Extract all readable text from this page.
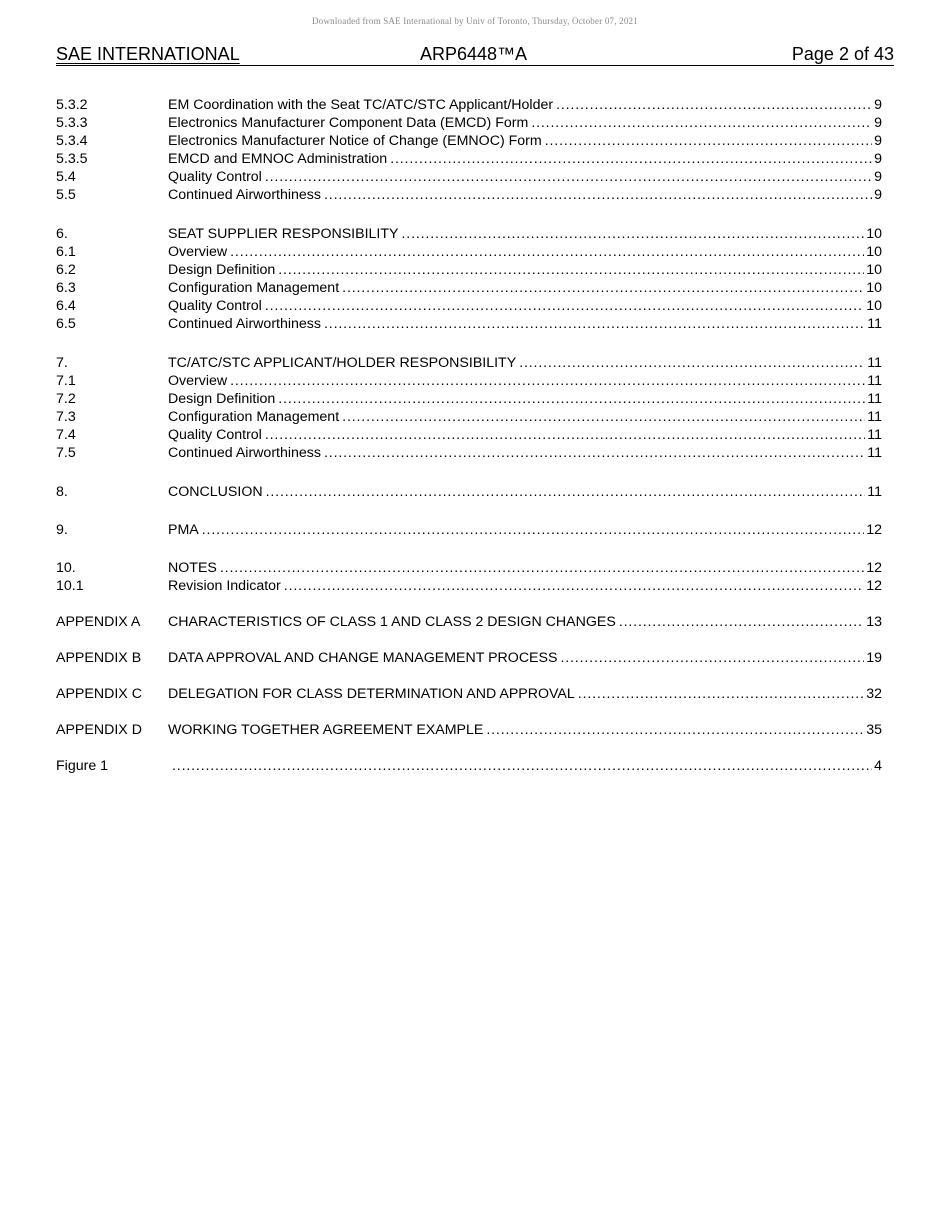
Downloaded from SAE International by Univ of Toronto, Thursday, October 07, 2021
SAE INTERNATIONAL	ARP6448™A	Page 2 of 43
5.3.2	EM Coordination with the Seat TC/ATC/STC Applicant/Holder . . .	9
5.3.3	Electronics Manufacturer Component Data (EMCD) Form . . .	9
5.3.4	Electronics Manufacturer Notice of Change (EMNOC) Form . . .	9
5.3.5	EMCD and EMNOC Administration . . .	9
5.4	Quality Control . . .	9
5.5	Continued Airworthiness . . .	9
6.	SEAT SUPPLIER RESPONSIBILITY . . .	10
6.1	Overview . . .	10
6.2	Design Definition . . .	10
6.3	Configuration Management . . .	10
6.4	Quality Control . . .	10
6.5	Continued Airworthiness . . .	11
7.	TC/ATC/STC APPLICANT/HOLDER RESPONSIBILITY . . .	11
7.1	Overview . . .	11
7.2	Design Definition . . .	11
7.3	Configuration Management . . .	11
7.4	Quality Control . . .	11
7.5	Continued Airworthiness . . .	11
8.	CONCLUSION . . .	11
9.	PMA . . .	12
10.	NOTES . . .	12
10.1	Revision Indicator . . .	12
APPENDIX A CHARACTERISTICS OF CLASS 1 AND CLASS 2 DESIGN CHANGES . . .	13
APPENDIX B DATA APPROVAL AND CHANGE MANAGEMENT PROCESS . . .	19
APPENDIX C DELEGATION FOR CLASS DETERMINATION AND APPROVAL . . .	32
APPENDIX D WORKING TOGETHER AGREEMENT EXAMPLE . . .	35
Figure 1 . . .	4
